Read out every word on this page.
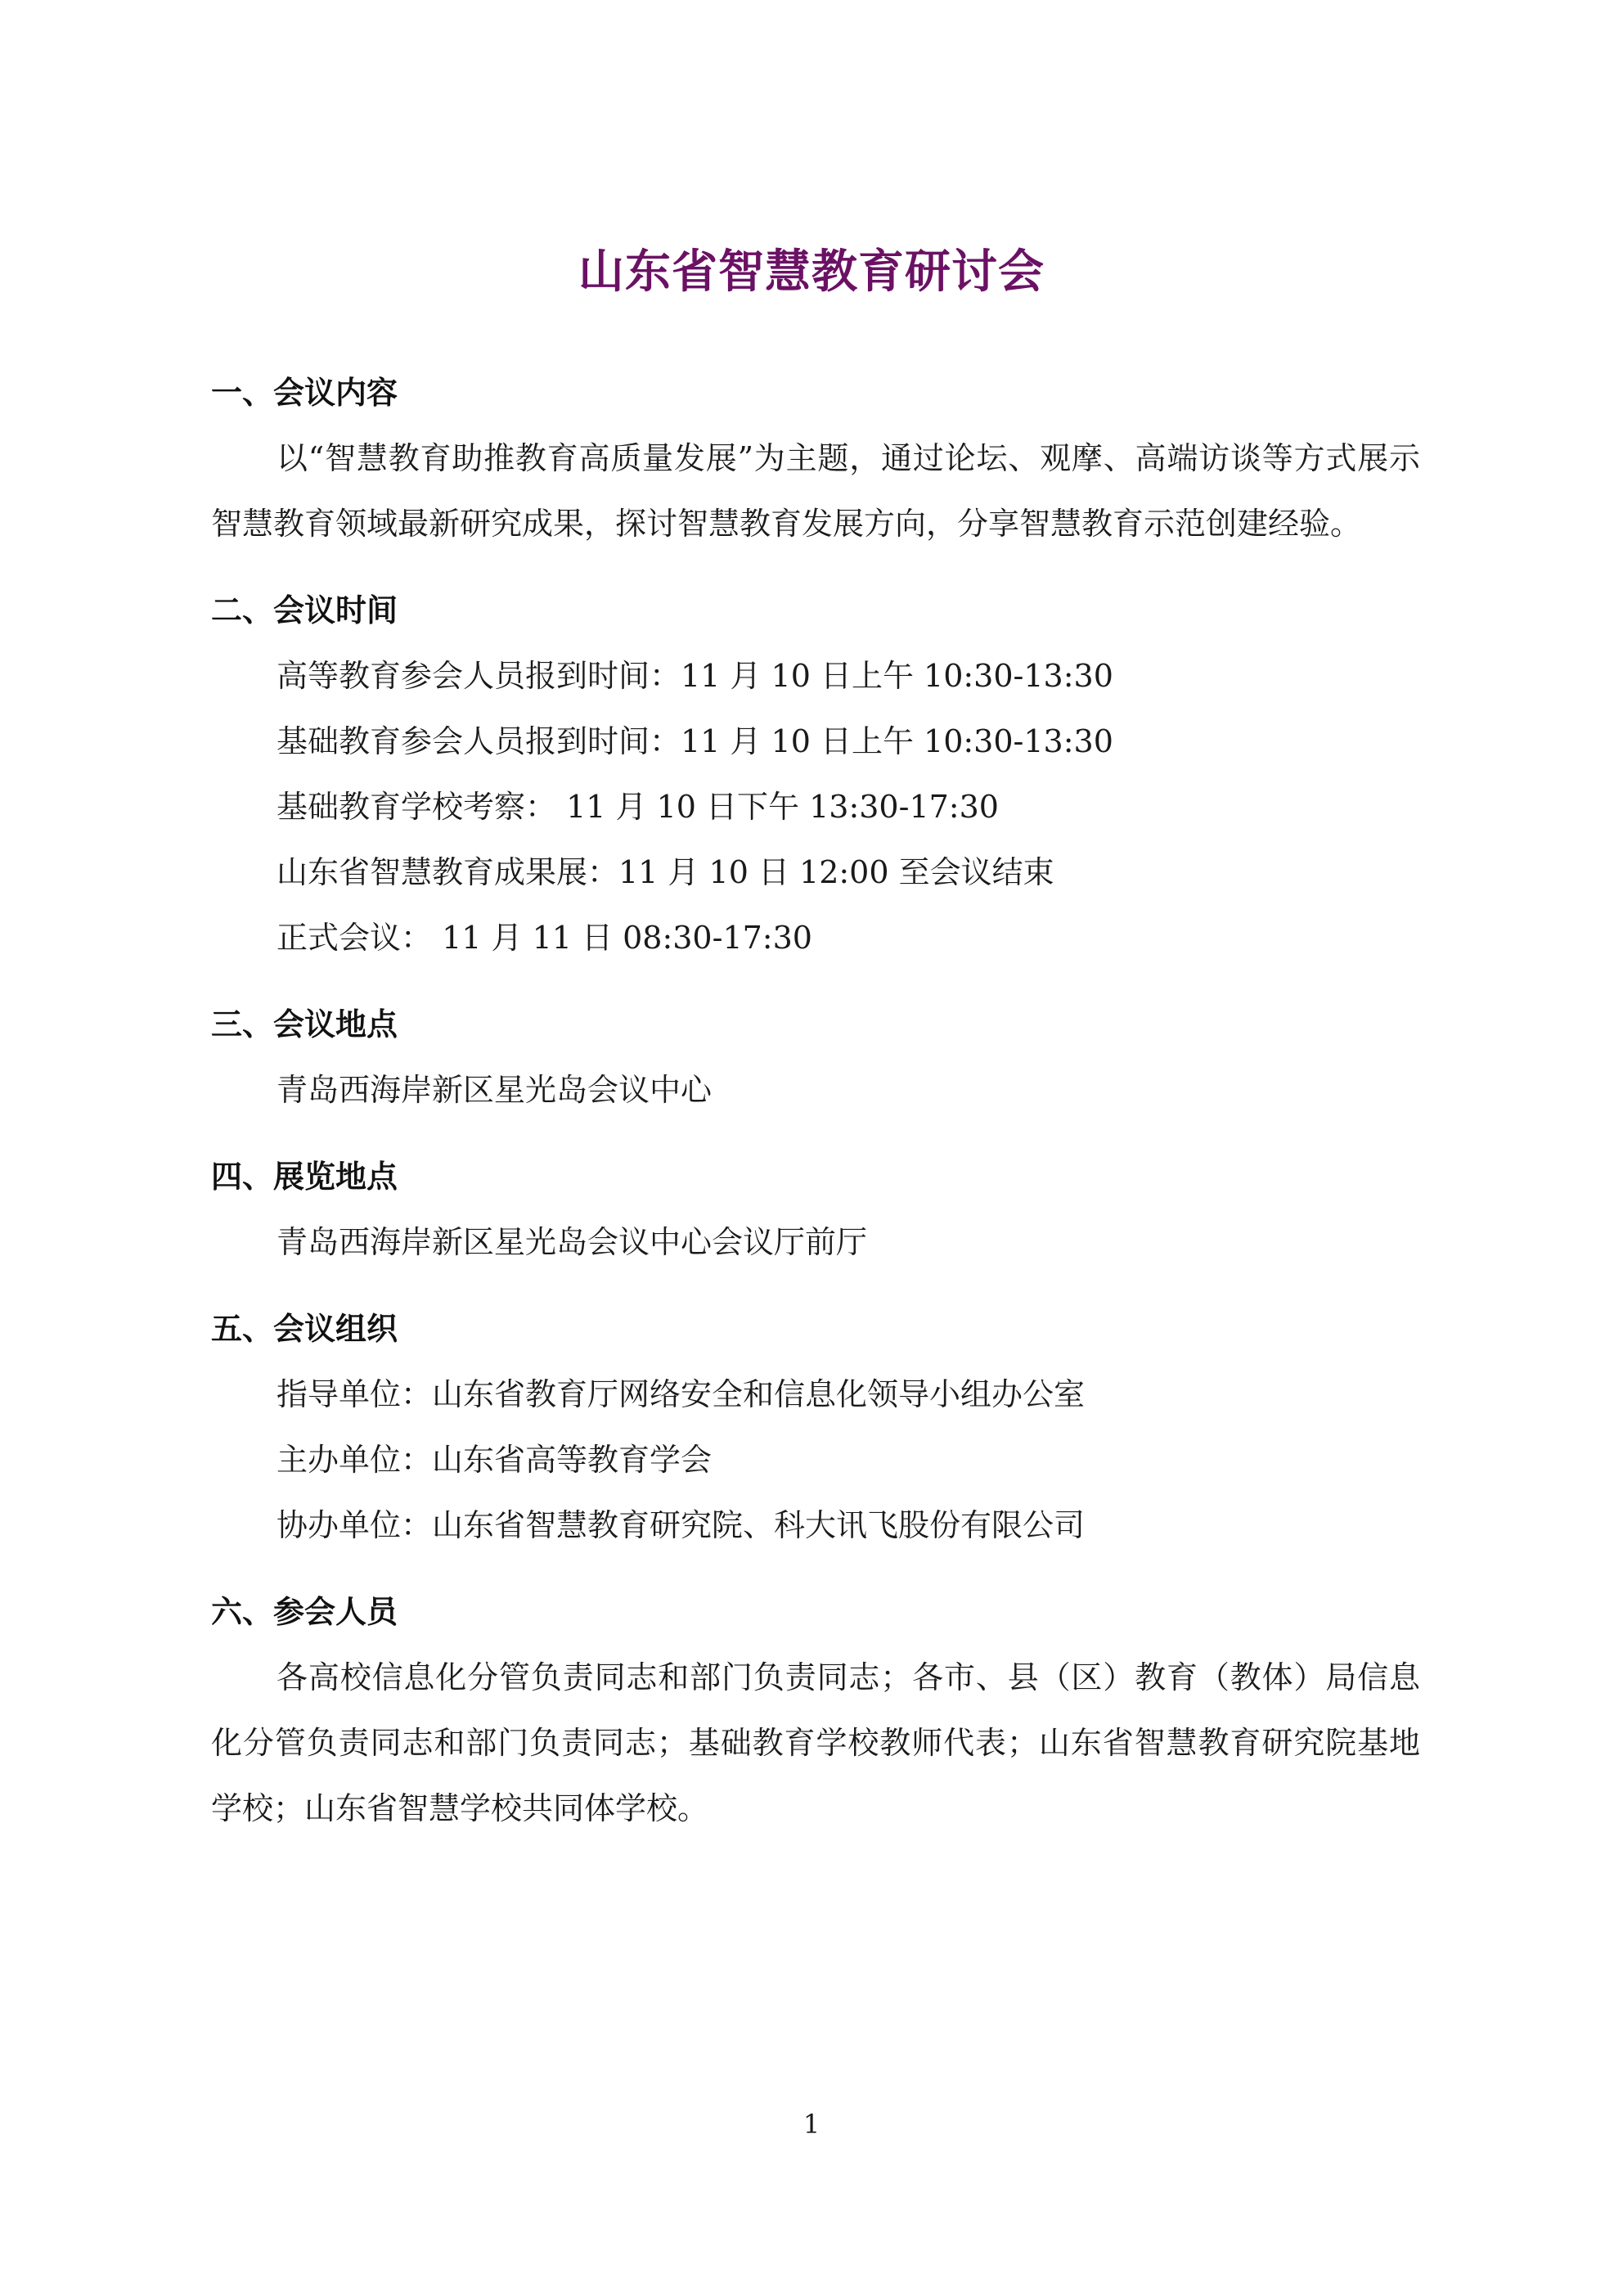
山东省智慧教育研讨会
一、会议内容

以“智慧教育助推教育高质量发展”为主题，通过论坛、观摩、高端访谈等方式展示智慧教育领域最新研究成果，探讨智慧教育发展方向，分享智慧教育示范创建经验。

二、会议时间
高等教育参会人员报到时间：11 月 10 日上午 10:30-13:30
基础教育参会人员报到时间：11 月 10 日上午 10:30-13:30
基础教育学校考察： 11 月 10 日下午 13:30-17:30
山东省智慧教育成果展：11 月 10 日 12:00 至会议结束
正式会议： 11 月 11 日 08:30-17:30
三、会议地点
青岛西海岸新区星光岛会议中心
四、展览地点
青岛西海岸新区星光岛会议中心会议厅前厅
五、会议组织
指导单位：山东省教育厅网络安全和信息化领导小组办公室
主办单位：山东省高等教育学会
协办单位：山东省智慧教育研究院、科大讯飞股份有限公司
六、参会人员

各高校信息化分管负责同志和部门负责同志；各市、县（区）教育（教体）局信息化分管负责同志和部门负责同志；基础教育学校教师代表；山东省智慧教育研究院基地学校；山东省智慧学校共同体学校。

1
